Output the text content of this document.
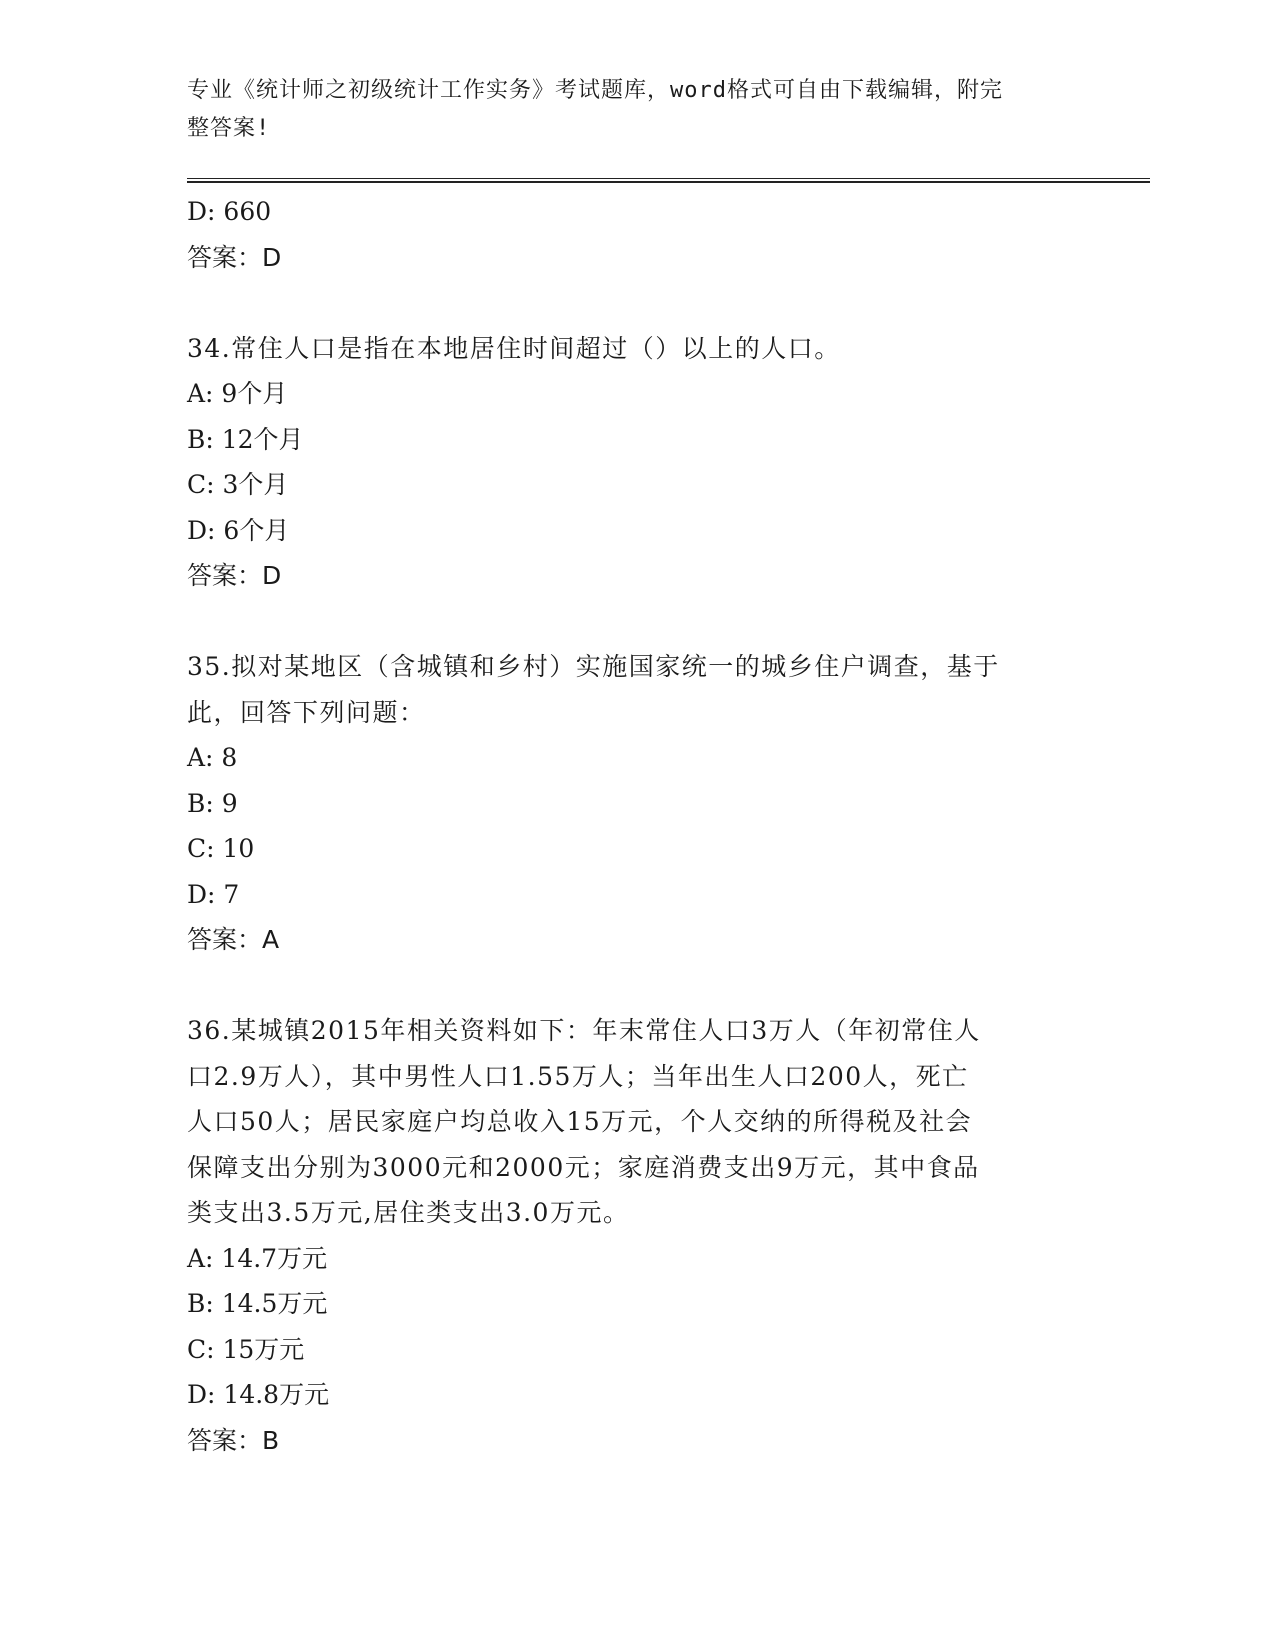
专业《统计师之初级统计工作实务》考试题库，word格式可自由下载编辑，附完
整答案!
D: 660
答案：D
34.常住人口是指在本地居住时间超过（）以上的人口。
A: 9个月
B: 12个月
C: 3个月
D: 6个月
答案：D
35.拟对某地区（含城镇和乡村）实施国家统一的城乡住户调查，基于
此，回答下列问题：
A: 8
B: 9
C: 10
D: 7
答案：A
36.某城镇2015年相关资料如下：年末常住人口3万人（年初常住人
口2.9万人），其中男性人口1.55万人；当年出生人口200人，死亡
人口50人；居民家庭户均总收入15万元，个人交纳的所得税及社会
保障支出分别为3000元和2000元；家庭消费支出9万元，其中食品
类支出3.5万元,居住类支出3.0万元。
A: 14.7万元
B: 14.5万元
C: 15万元
D: 14.8万元
答案：B
